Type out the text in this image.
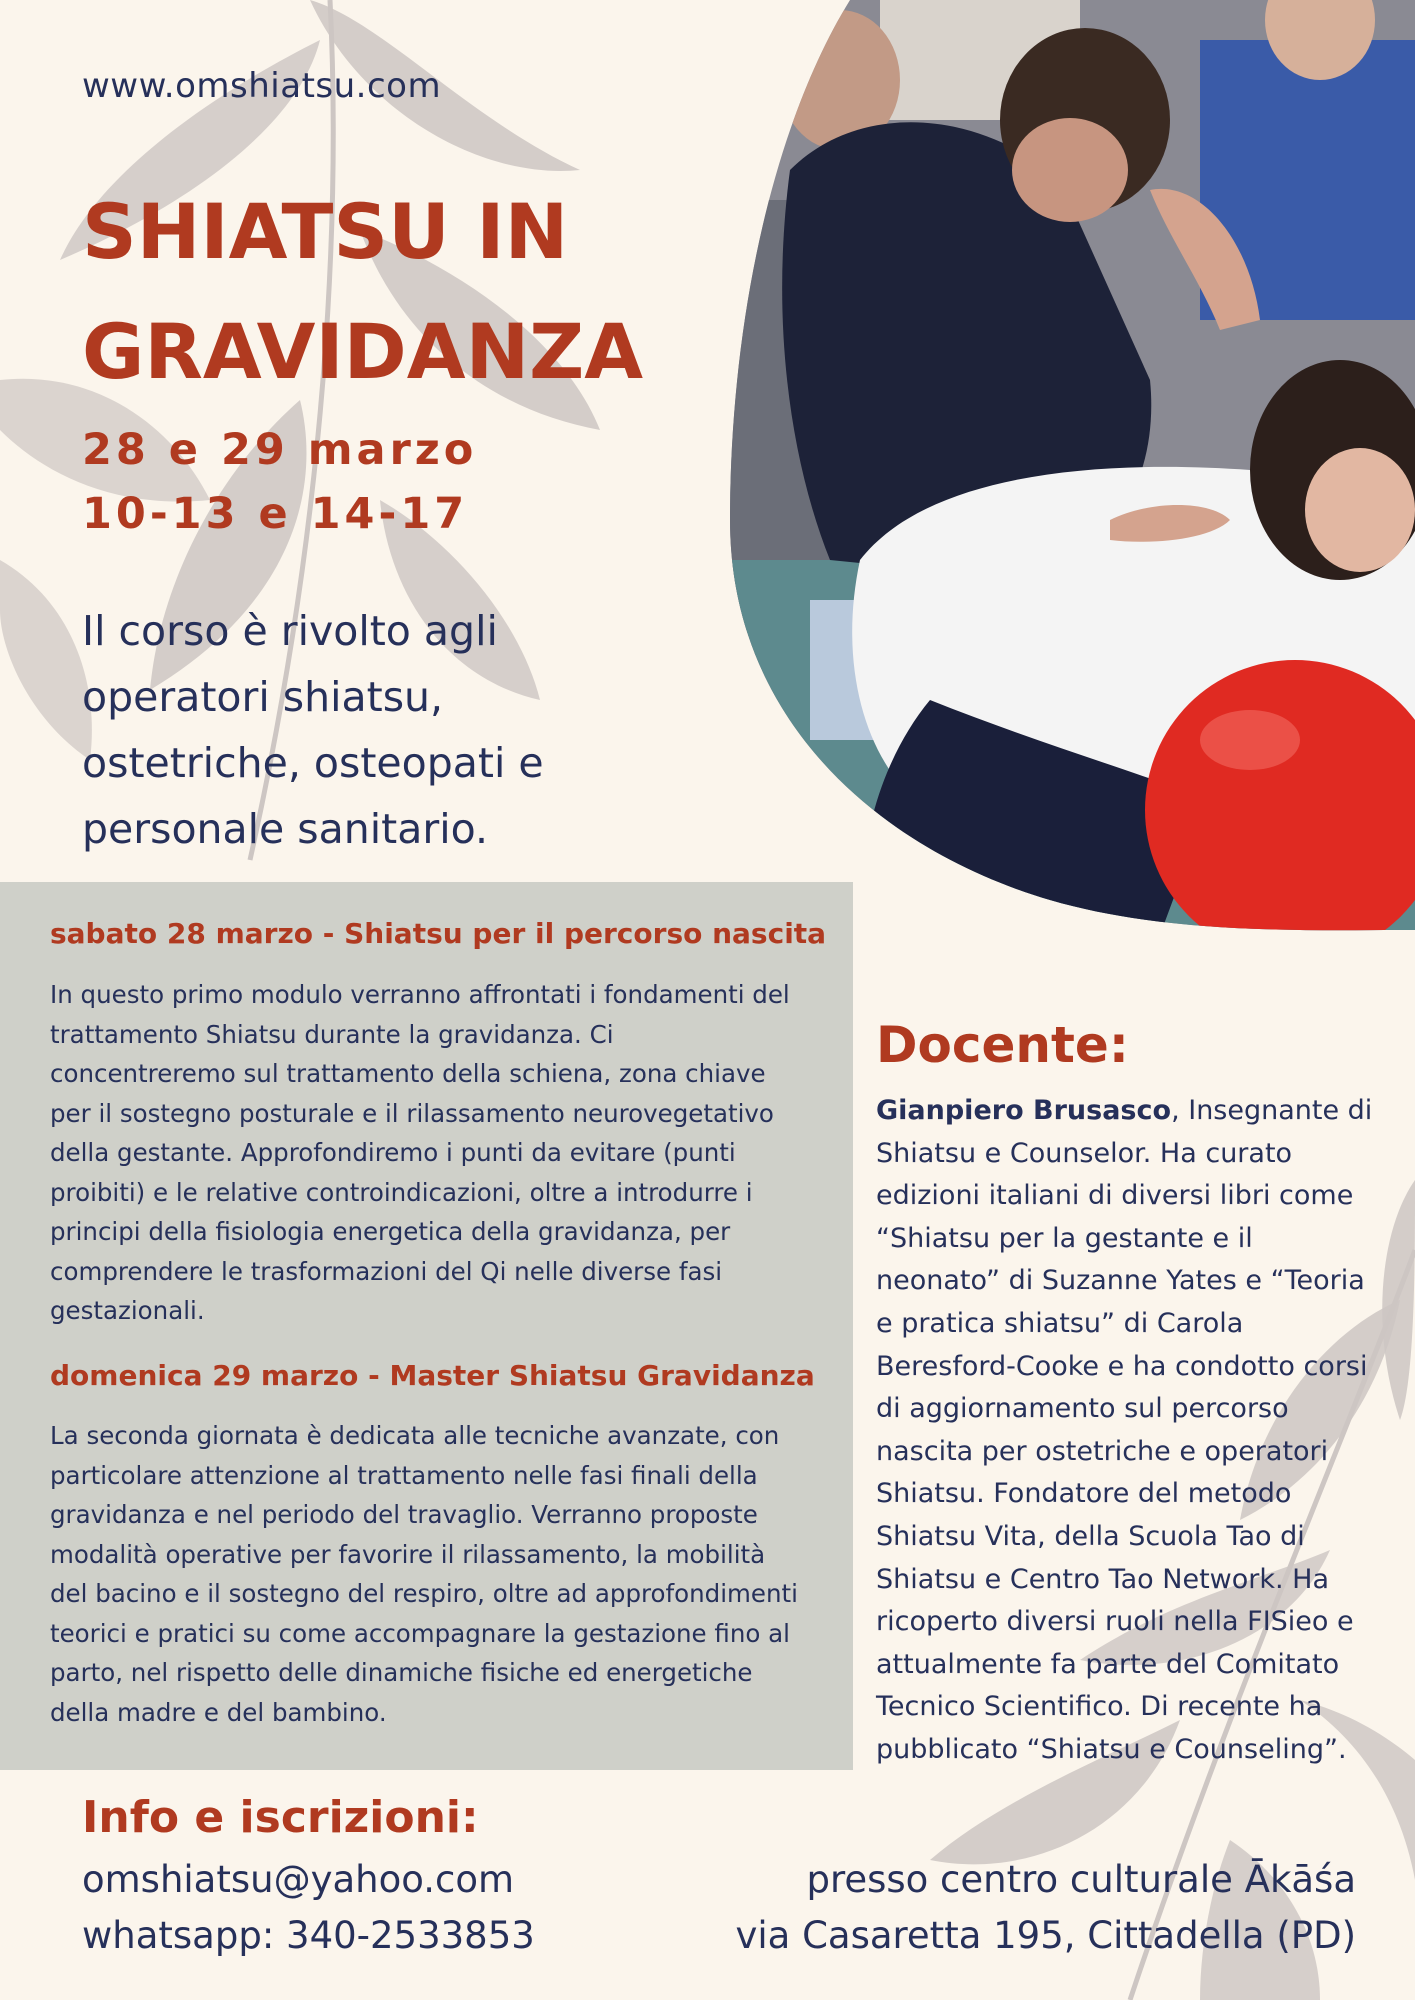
www.omshiatsu.com
SHIATSU IN GRAVIDANZA
28 e 29 marzo
10-13 e 14-17
Il corso è rivolto agli operatori shiatsu, ostetriche, osteopati e personale sanitario.
sabato 28 marzo - Shiatsu per il percorso nascita
In questo primo modulo verranno affrontati i fondamenti del trattamento Shiatsu durante la gravidanza. Ci concentreremo sul trattamento della schiena, zona chiave per il sostegno posturale e il rilassamento neurovegetativo della gestante. Approfondiremo i punti da evitare (punti proibiti) e le relative controindicazioni, oltre a introdurre i principi della fisiologia energetica della gravidanza, per comprendere le trasformazioni del Qi nelle diverse fasi gestazionali.
domenica 29 marzo - Master Shiatsu Gravidanza
La seconda giornata è dedicata alle tecniche avanzate, con particolare attenzione al trattamento nelle fasi finali della gravidanza e nel periodo del travaglio. Verranno proposte modalità operative per favorire il rilassamento, la mobilità del bacino e il sostegno del respiro, oltre ad approfondimenti teorici e pratici su come accompagnare la gestazione fino al parto, nel rispetto delle dinamiche fisiche ed energetiche della madre e del bambino.
Docente:
Gianpiero Brusasco, Insegnante di Shiatsu e Counselor. Ha curato edizioni italiani di diversi libri come “Shiatsu per la gestante e il neonato” di Suzanne Yates e “Teoria e pratica shiatsu” di Carola Beresford-Cooke e ha condotto corsi di aggiornamento sul percorso nascita per ostetriche e operatori Shiatsu. Fondatore del metodo Shiatsu Vita, della Scuola Tao di Shiatsu e Centro Tao Network. Ha ricoperto diversi ruoli nella FISieo e attualmente fa parte del Comitato Tecnico Scientifico. Di recente ha pubblicato “Shiatsu e Counseling”.
Info e iscrizioni:
omshiatsu@yahoo.com
whatsapp: 340-2533853
presso centro culturale Ākāśa
via Casaretta 195, Cittadella (PD)
